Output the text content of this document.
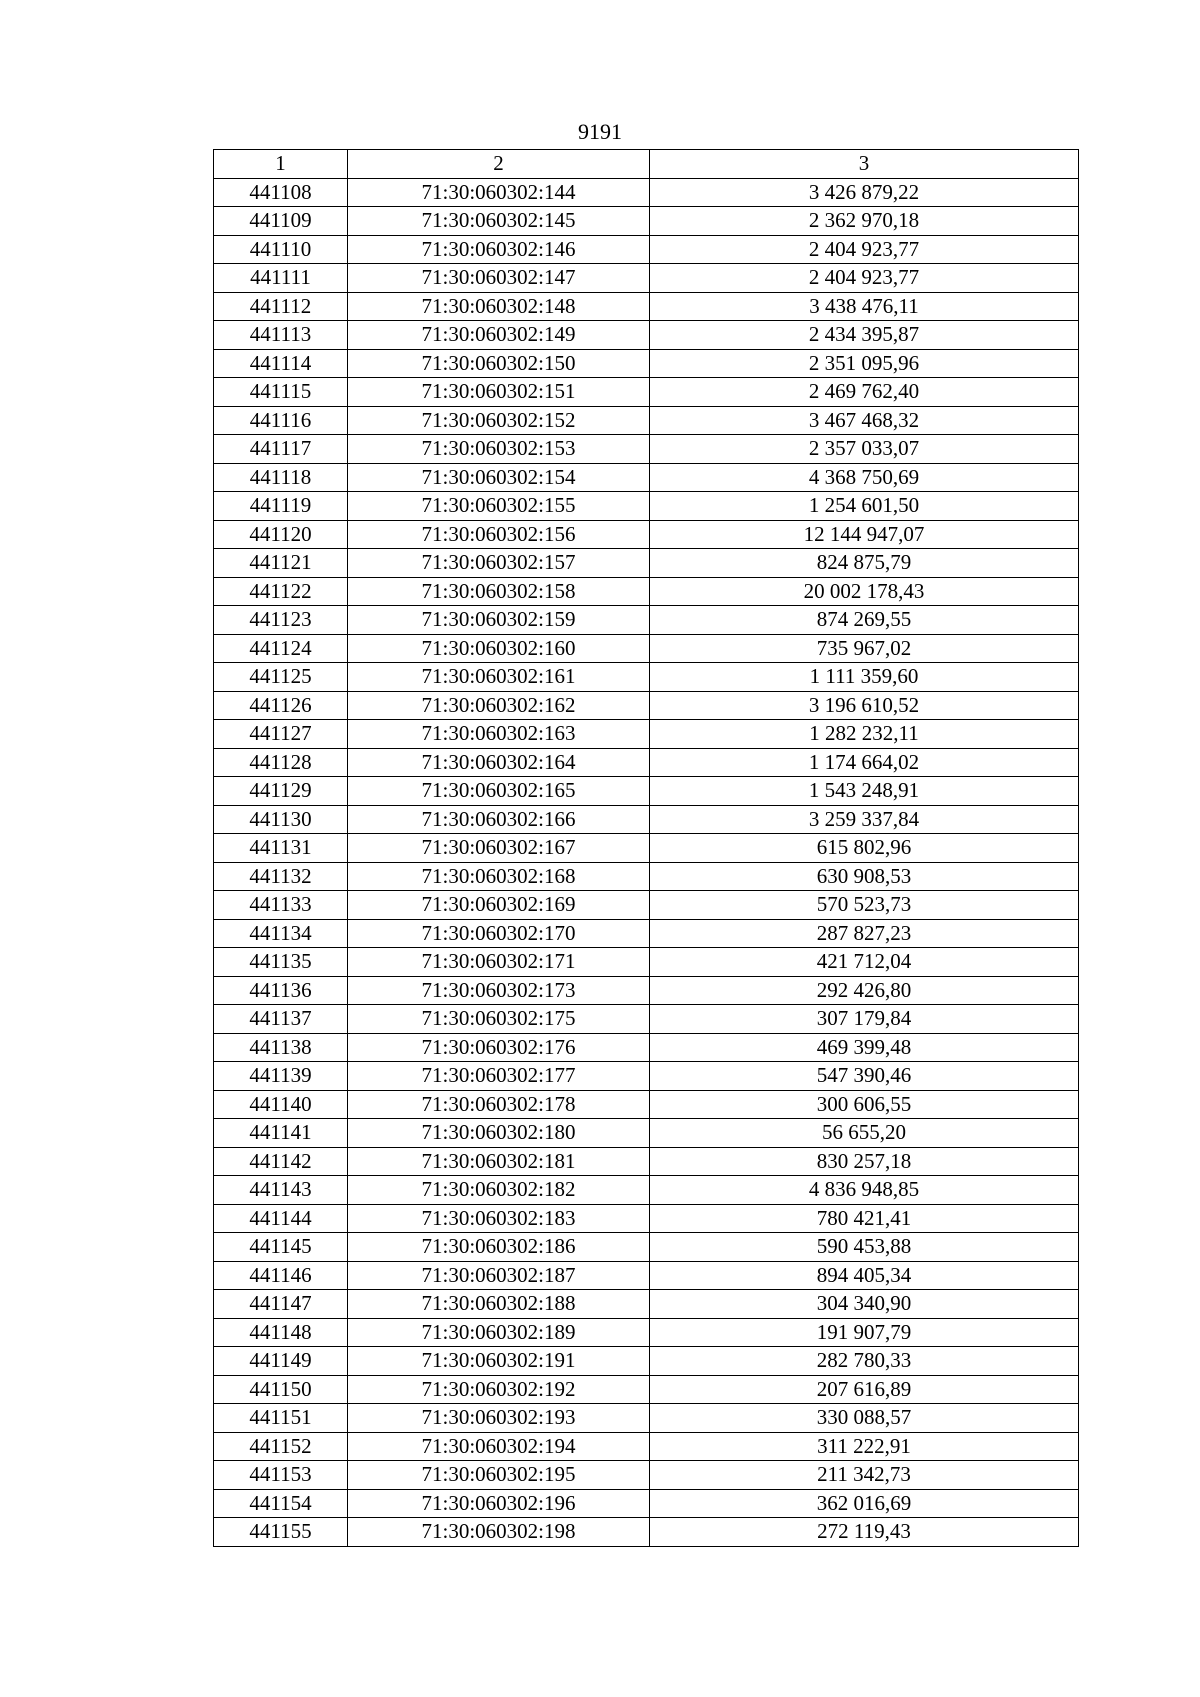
9191
1	2	3
441108	71:30:060302:144	3 426 879,22
441109	71:30:060302:145	2 362 970,18
441110	71:30:060302:146	2 404 923,77
441111	71:30:060302:147	2 404 923,77
441112	71:30:060302:148	3 438 476,11
441113	71:30:060302:149	2 434 395,87
441114	71:30:060302:150	2 351 095,96
441115	71:30:060302:151	2 469 762,40
441116	71:30:060302:152	3 467 468,32
441117	71:30:060302:153	2 357 033,07
441118	71:30:060302:154	4 368 750,69
441119	71:30:060302:155	1 254 601,50
441120	71:30:060302:156	12 144 947,07
441121	71:30:060302:157	824 875,79
441122	71:30:060302:158	20 002 178,43
441123	71:30:060302:159	874 269,55
441124	71:30:060302:160	735 967,02
441125	71:30:060302:161	1 111 359,60
441126	71:30:060302:162	3 196 610,52
441127	71:30:060302:163	1 282 232,11
441128	71:30:060302:164	1 174 664,02
441129	71:30:060302:165	1 543 248,91
441130	71:30:060302:166	3 259 337,84
441131	71:30:060302:167	615 802,96
441132	71:30:060302:168	630 908,53
441133	71:30:060302:169	570 523,73
441134	71:30:060302:170	287 827,23
441135	71:30:060302:171	421 712,04
441136	71:30:060302:173	292 426,80
441137	71:30:060302:175	307 179,84
441138	71:30:060302:176	469 399,48
441139	71:30:060302:177	547 390,46
441140	71:30:060302:178	300 606,55
441141	71:30:060302:180	56 655,20
441142	71:30:060302:181	830 257,18
441143	71:30:060302:182	4 836 948,85
441144	71:30:060302:183	780 421,41
441145	71:30:060302:186	590 453,88
441146	71:30:060302:187	894 405,34
441147	71:30:060302:188	304 340,90
441148	71:30:060302:189	191 907,79
441149	71:30:060302:191	282 780,33
441150	71:30:060302:192	207 616,89
441151	71:30:060302:193	330 088,57
441152	71:30:060302:194	311 222,91
441153	71:30:060302:195	211 342,73
441154	71:30:060302:196	362 016,69
441155	71:30:060302:198	272 119,43
